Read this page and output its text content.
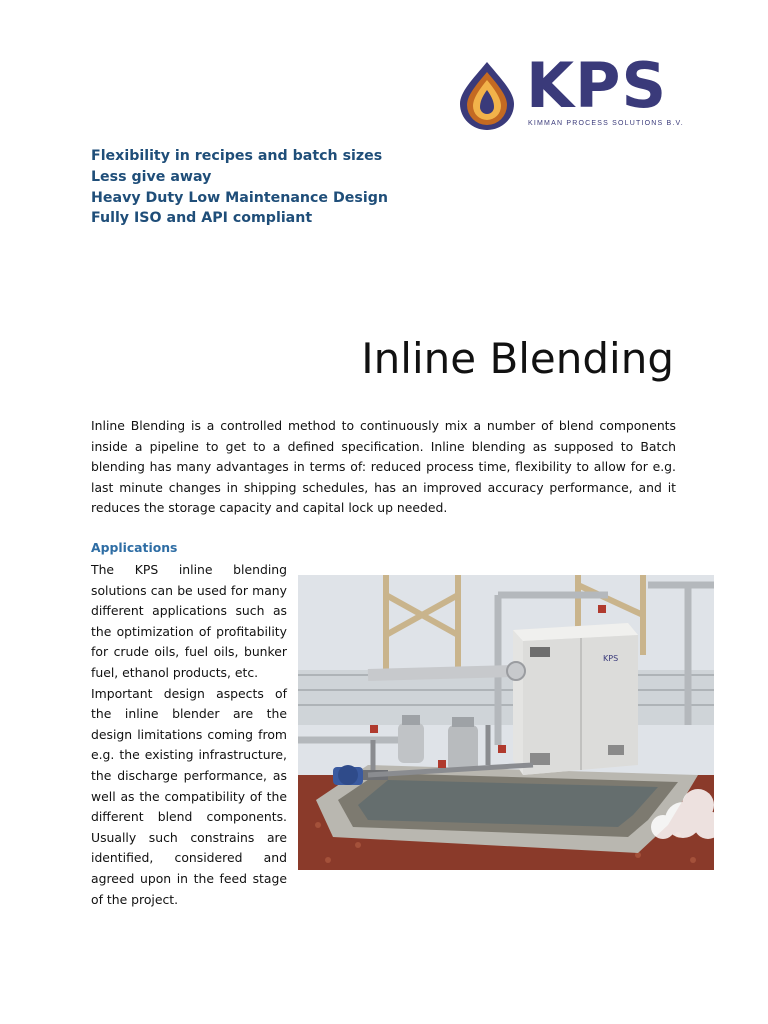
KPS
KIMMAN PROCESS SOLUTIONS B.V.
Flexibility in recipes and batch sizes
Less give away
Heavy Duty Low Maintenance Design
Fully ISO and API compliant
Inline Blending

Inline Blending is a controlled method to continuously mix a number of blend components inside a pipeline to get to a defined specification. Inline blending as supposed to Batch blending has many advantages in terms of: reduced process time, flexibility to allow for e.g. last minute changes in shipping schedules, has an improved accuracy performance, and it reduces the storage capacity and capital lock up needed.

Applications

The KPS inline blending solutions can be used for many different applications such as the optimization of profitability for crude oils, fuel oils, bunker fuel, ethanol products, etc.

Important design aspects of the inline blender are the design limitations coming from e.g. the existing infrastructure, the discharge performance, as well as the compatibility of the different blend components. Usually such constrains are identified, considered and agreed upon in the feed stage of the project.

KPS
